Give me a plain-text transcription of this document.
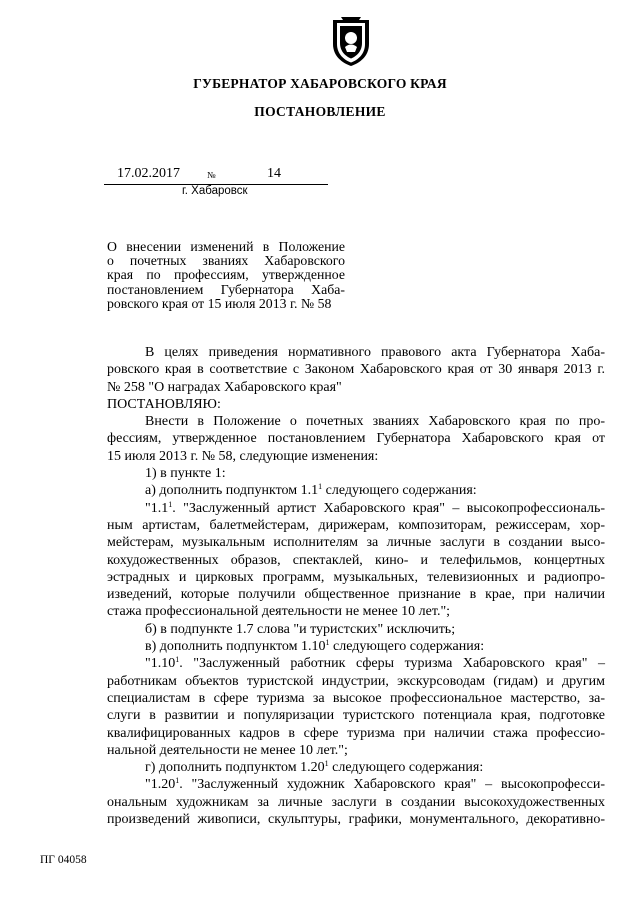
ГУБЕРНАТОР ХАБАРОВСКОГО КРАЯ
ПОСТАНОВЛЕНИЕ
17.02.2017	№	14
г. Хабаровск
О внесении изменений в Положение
о почетных званиях Хабаровского
края по профессиям, утвержденное
постановлением Губернатора Хаба-
ровского края от 15 июля 2013 г. № 58
В целях приведения нормативного правового акта Губернатора Хаба-
ровского края в соответствие с Законом Хабаровского края от 30 января 2013 г.
№ 258 "О наградах Хабаровского края"
ПОСТАНОВЛЯЮ:
Внести в Положение о почетных званиях Хабаровского края по про-
фессиям, утвержденное постановлением Губернатора Хабаровского края от
15 июля 2013 г. № 58, следующие изменения:
1) в пункте 1:
а) дополнить подпунктом $1.1^1$ следующего содержания:
"$1.1^1$. "Заслуженный артист Хабаровского края" – высокопрофессиональ-
ным артистам, балетмейстерам, дирижерам, композиторам, режиссерам, хор-
мейстерам, музыкальным исполнителям за личные заслуги в создании высо-
кохудожественных образов, спектаклей, кино- и телефильмов, концертных
эстрадных и цирковых программ, музыкальных, телевизионных и радиопро-
изведений, которые получили общественное признание в крае, при наличии
стажа профессиональной деятельности не менее 10 лет.";
б) в подпункте 1.7 слова "и туристских" исключить;
в) дополнить подпунктом 1.10$^1$ следующего содержания:
"1.10$^1$. "Заслуженный работник сферы туризма Хабаровского края" –
работникам объектов туристской индустрии, экскурсоводам (гидам) и другим
специалистам в сфере туризма за высокое профессиональное мастерство, за-
слуги в развитии и популяризации туристского потенциала края, подготовке
квалифицированных кадров в сфере туризма при наличии стажа профессио-
нальной деятельности не менее 10 лет.";
г) дополнить подпунктом 1.20$^1$ следующего содержания:
"1.20$^1$. "Заслуженный художник Хабаровского края" – высокопрофесси-
ональным художникам за личные заслуги в создании высокохудожественных
произведений живописи, скульптуры, графики, монументального, декоративно-
ПГ 04058
